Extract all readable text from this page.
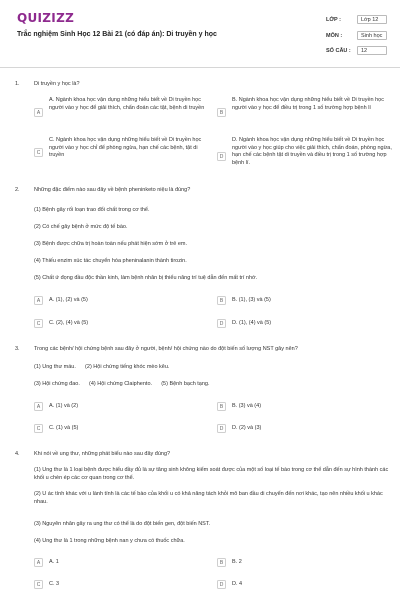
QUIZIZZ
Trắc nghiệm Sinh Học 12 Bài 21 (có đáp án): Di truyền y học
LỚP :	Lớp 12
MÔN :	Sinh học
SỐ CÂU :	12
1.	Di truyền y học là?
A
A. Ngành khoa học vận dụng những hiểu biết về Di truyền học người vào y học để giải thích, chẩn đoán các tật, bệnh di truyền
B
B. Ngành khoa học vận dụng những hiểu biết về Di truyền học người vào y học để điều trị trong 1 số trường hợp bệnh lí
C
C. Ngành khoa học vận dụng những hiểu biết về Di truyền học người vào y học chỉ để phòng ngừa, hạn chế các bệnh, tật di truyền	D
D. Ngành khoa học vận dụng những hiểu biết về Di truyền học người vào y học giúp cho việc giải thích, chẩn đoán, phòng ngừa, hạn chế các bệnh tật di truyền và điều trị trong 1 số trường hợp bệnh lí.
2.	Những đặc điểm nào sau đây về bệnh pheninketo niệu là đúng?
(1) Bệnh gây rối loạn trao đổi chất trong cơ thể.
(2) Có chế gây bệnh ở mức độ tế bào.
(3) Bệnh được chữa trị hoàn toàn nếu phát hiện sớm ở trẻ em.
(4) Thiếu enzim xúc tác chuyển hóa pheninalanin thành tirozin.
(5) Chất ứ đọng đầu độc thần kinh, làm bệnh nhân bị thiểu năng trí tuệ dẫn đến mất trí nhớ.
A	A. (1), (2) và (5)	B	B. (1), (3) và (5)
C	C. (2), (4) và (5)	D	D. (1), (4) và (5)
3.	Trong các bệnh/ hội chứng bệnh sau đây ở người, bệnh/ hội chứng nào do đột biến số lượng NST gây nên?
(1) Ung thư máu.      (2) Hội chứng tiếng khóc mèo kêu.
(3) Hội chứng đao.      (4) Hội chứng Claiphento.      (5) Bệnh bạch tạng.
A	A. (1) và (2)	B	B. (3) và (4)
C	C. (1) và (5)	D	D. (2) và (3)
4.	Khi nói về ung thư, những phát biểu nào sau đây đúng?
(1) Ung thư là 1 loại bệnh được hiểu đầy đủ là sự tăng sinh không kiểm soát được của một số loại tế bào trong cơ thể dẫn đến sự hình thành các khối u chèn ép các cơ quan trong cơ thể.
(2) U ác tính khác với u lành tính là các tế bào của khối u có khả năng tách khỏi mô ban đầu di chuyển đến nơi khác, tạo nên nhiều khối u khác nhau.
(3) Nguyên nhân gây ra ung thư có thể là do đột biến gen, đột biến NST.
(4) Ung thư là 1 trong những bệnh nan y chưa có thuốc chữa.
A	A. 1	B	B. 2
C	C. 3	D	D. 4
